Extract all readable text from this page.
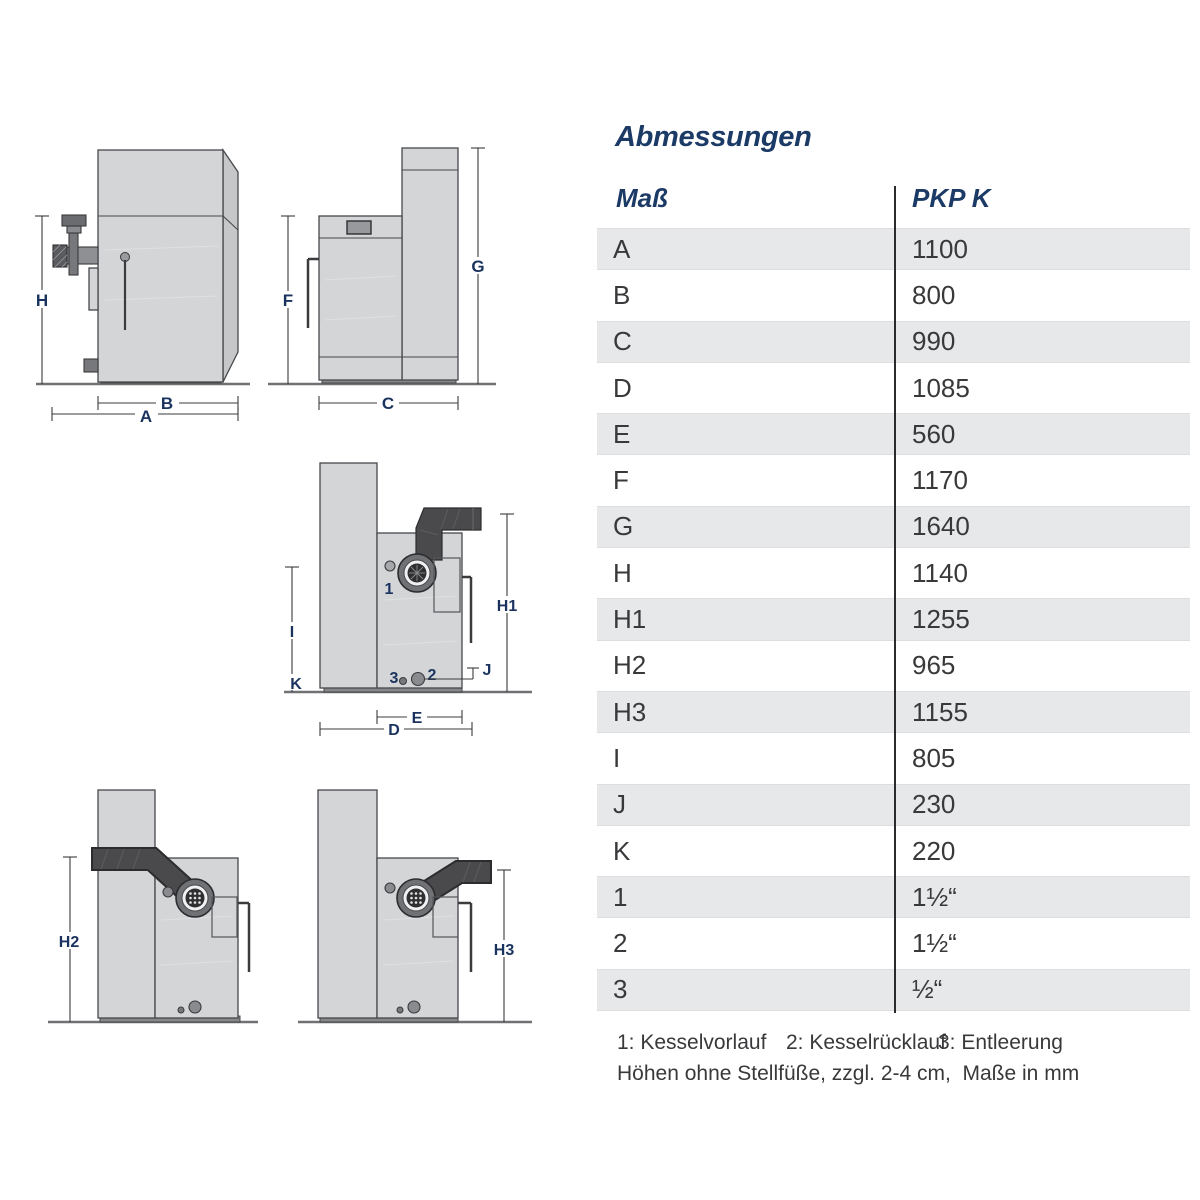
Abmessungen
Maß	PKP K
A	1100
B	800
C	990
D	1085
E	560
F	1170
G	1640
H	1140
H1	1255
H2	965
H3	1155
I	805
J	230
K	220
1	1½“
2	1½“
3	½“
1: Kesselvorlauf 2: Kesselrücklauf
3: Entleerung
Höhen ohne Stellfüße, zzgl. 2-4 cm,  Maße in mm
H
B
A
F
G
C
1
3 2	J
H1
I
K
E
D
H2	H3
